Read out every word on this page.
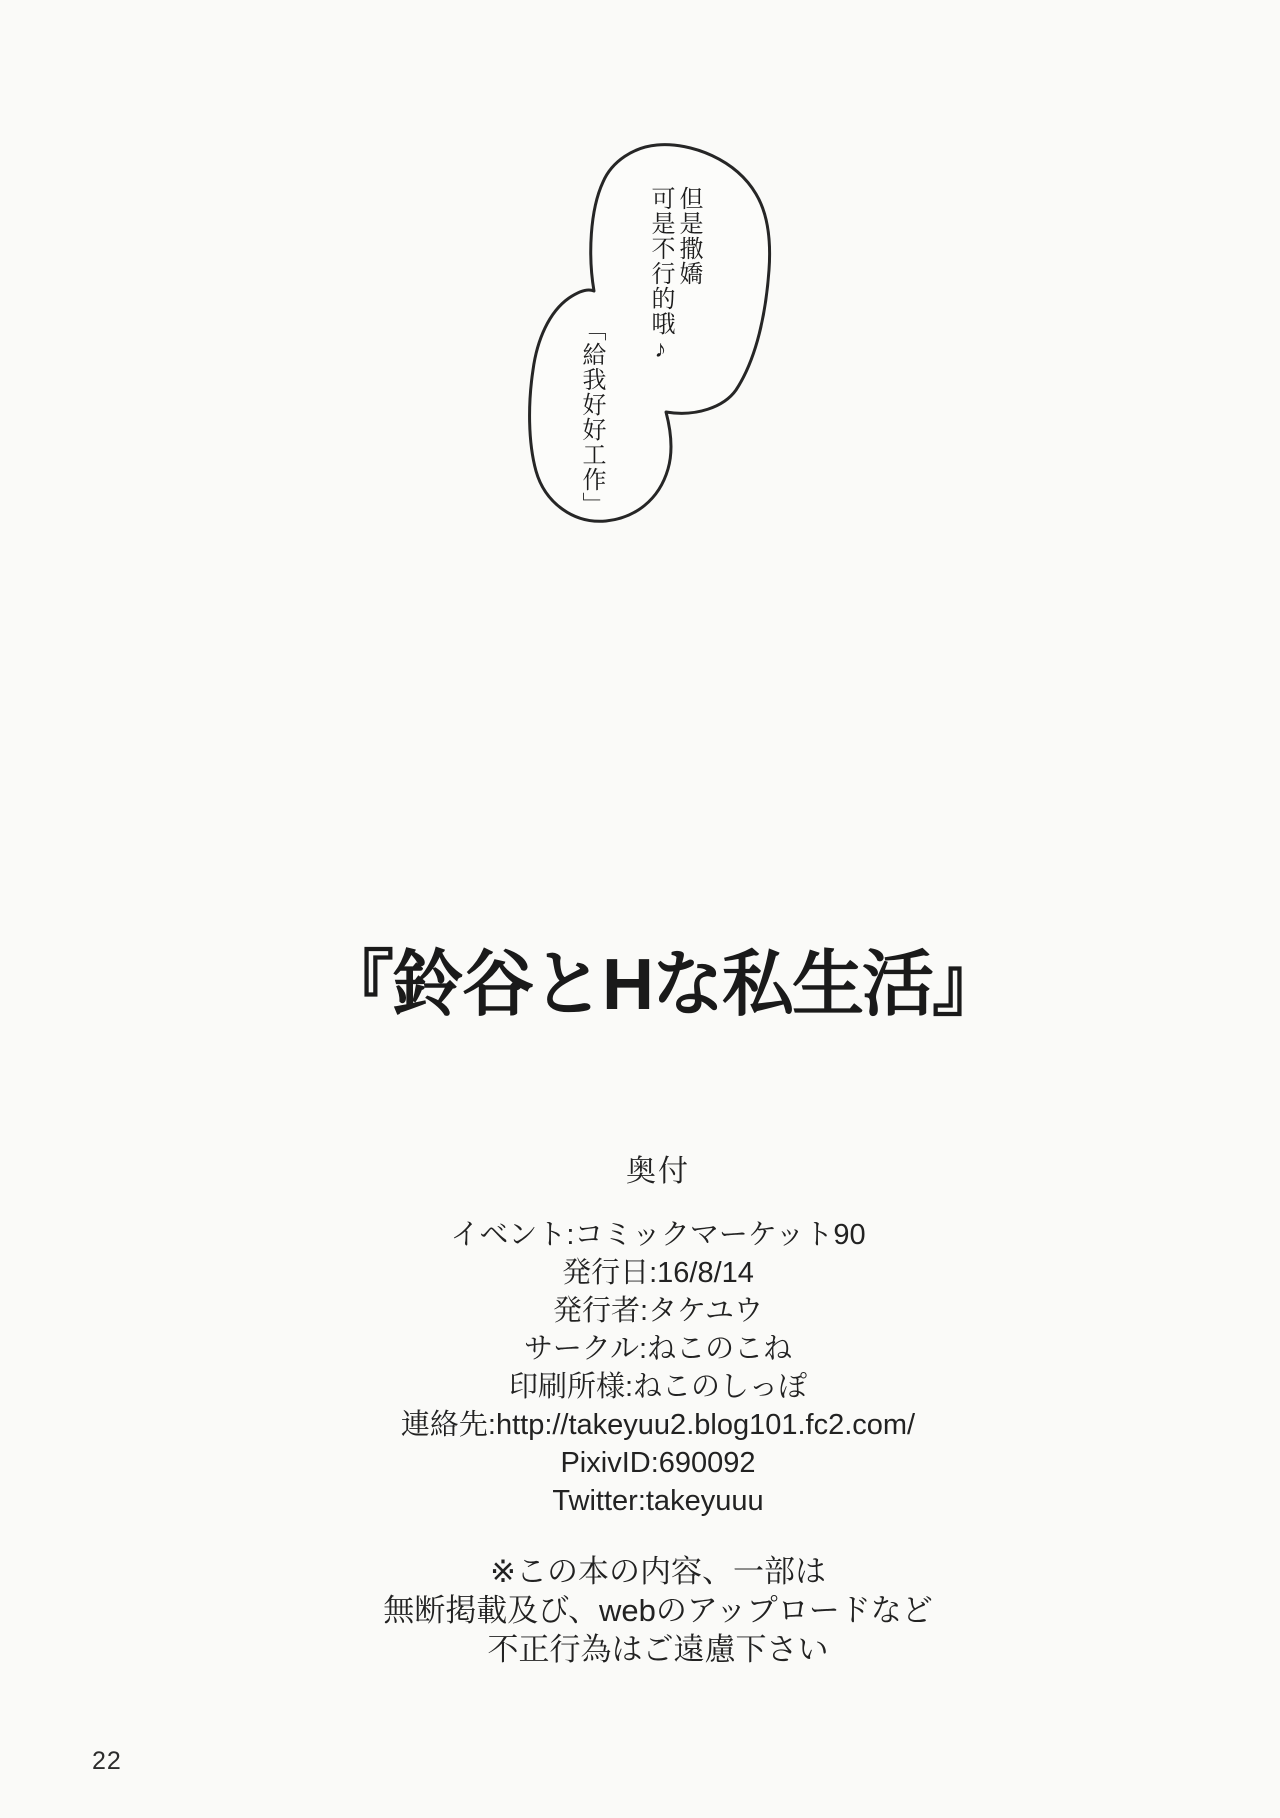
但是撒嬌
可是不行的哦♪
「給我好好工作」
『鈴谷とHな私生活』
奥付
イベント:コミックマーケット90
発行日:16/8/14
発行者:タケユウ
サークル:ねこのこね
印刷所様:ねこのしっぽ
連絡先:http://takeyuu2.blog101.fc2.com/
PixivID:690092
Twitter:takeyuuu
※この本の内容、一部は
無断掲載及び、webのアップロードなど
不正行為はご遠慮下さい
22
